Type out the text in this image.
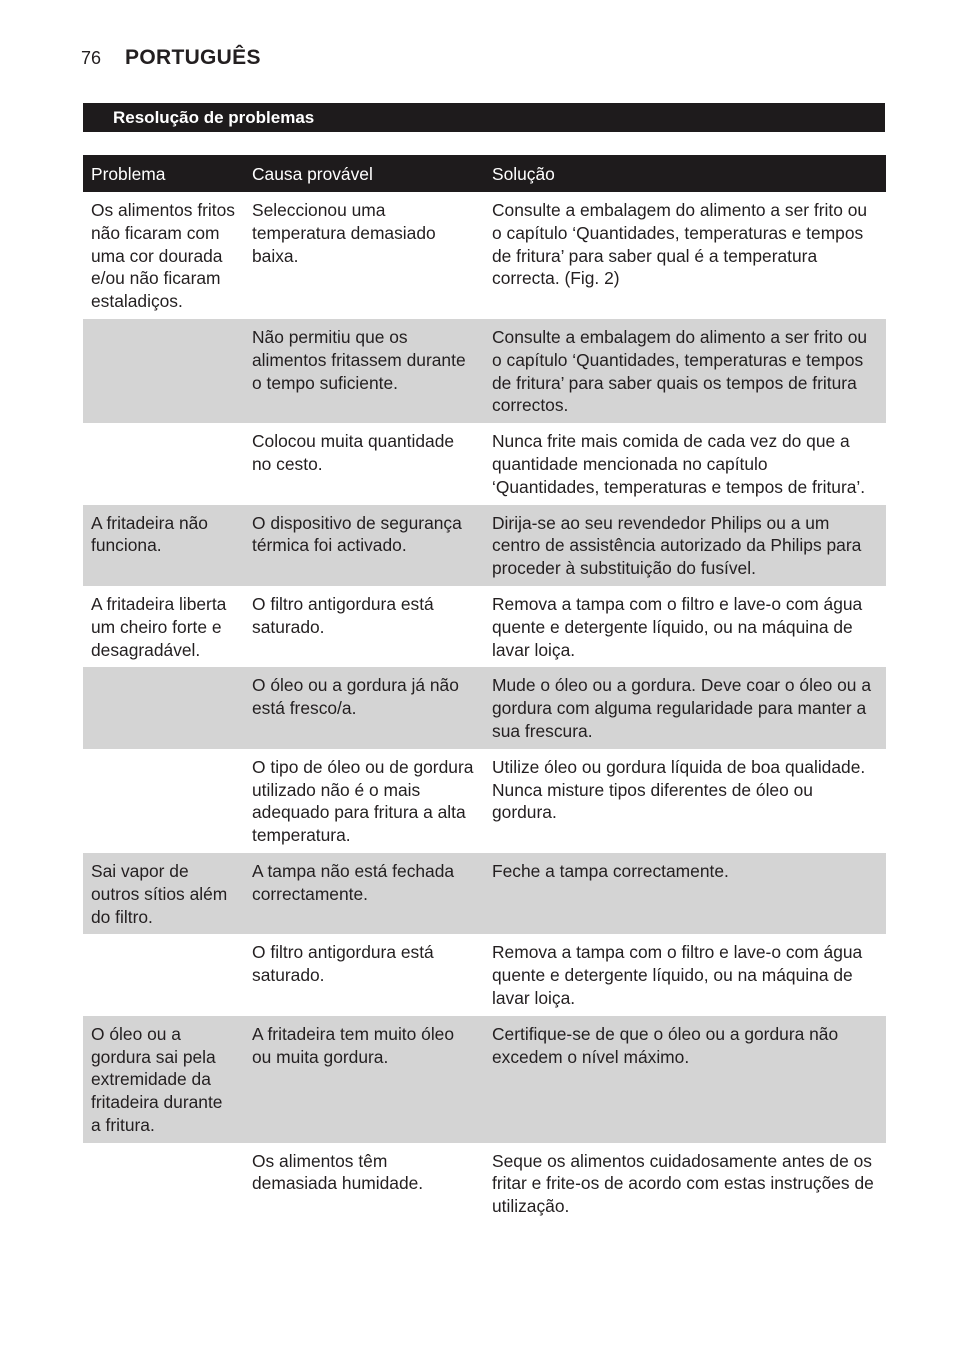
76 PORTUGUÊS
Resolução de problemas
Problema	Causa provável	Solução
Os alimentos fritos não ficaram com uma cor dourada e/ou não ficaram estaladiços.	Seleccionou uma temperatura demasiado baixa.	Consulte a embalagem do alimento a ser frito ou o capítulo ‘Quantidades, temperaturas e tempos de fritura’ para saber qual é a temperatura correcta. (Fig. 2)
	Não permitiu que os alimentos fritassem durante o tempo suficiente.	Consulte a embalagem do alimento a ser frito ou o capítulo ‘Quantidades, temperaturas e tempos de fritura’ para saber quais os tempos de fritura correctos.
	Colocou muita quantidade no cesto.	Nunca frite mais comida de cada vez do que a quantidade mencionada no capítulo ‘Quantidades, temperaturas e tempos de fritura’.
A fritadeira não funciona.	O dispositivo de segurança térmica foi activado.	Dirija-se ao seu revendedor Philips ou a um centro de assistência autorizado da Philips para proceder à substituição do fusível.
A fritadeira liberta um cheiro forte e desagradável.	O filtro antigordura está saturado.	Remova a tampa com o filtro e lave-o com água quente e detergente líquido, ou na máquina de lavar loiça.
	O óleo ou a gordura já não está fresco/a.	Mude o óleo ou a gordura. Deve coar o óleo ou a gordura com alguma regularidade para manter a sua frescura.
	O tipo de óleo ou de gordura utilizado não é o mais adequado para fritura a alta temperatura.	Utilize óleo ou gordura líquida de boa qualidade. Nunca misture tipos diferentes de óleo ou gordura.
Sai vapor de outros sítios além do filtro.	A tampa não está fechada correctamente.	Feche a tampa correctamente.
	O filtro antigordura está saturado.	Remova a tampa com o filtro e lave-o com água quente e detergente líquido, ou na máquina de lavar loiça.
O óleo ou a gordura sai pela extremidade da fritadeira durante a fritura.	A fritadeira tem muito óleo ou muita gordura.	Certifique-se de que o óleo ou a gordura não excedem o nível máximo.
	Os alimentos têm demasiada humidade.	Seque os alimentos cuidadosamente antes de os fritar e frite-os de acordo com estas instruções de utilização.
